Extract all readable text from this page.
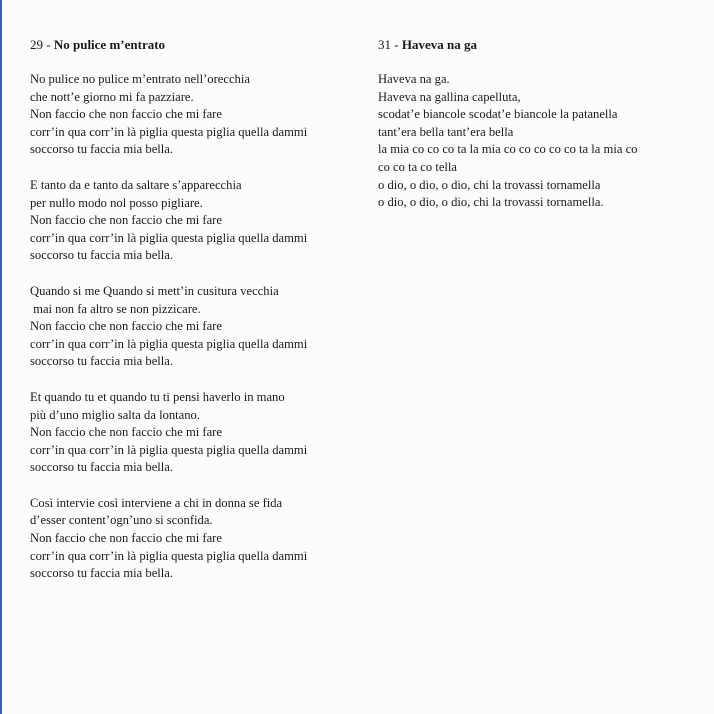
29 - No pulice m’entrato
No pulice no pulice m’entrato nell’orecchia
che nott’e giorno mi fa pazziare.
Non faccio che non faccio che mi fare
corr’in qua corr’in là piglia questa piglia quella dammi
soccorso tu faccia mia bella.
E tanto da e tanto da saltare s’apparecchia
per nullo modo nol posso pigliare.
Non faccio che non faccio che mi fare
corr’in qua corr’in là piglia questa piglia quella dammi
soccorso tu faccia mia bella.
Quando si me Quando si mett’in cusitura vecchia
mai non fa altro se non pizzicare.
Non faccio che non faccio che mi fare
corr’in qua corr’in là piglia questa piglia quella dammi
soccorso tu faccia mia bella.
Et quando tu et quando tu ti pensi haverlo in mano
più d’uno miglio salta da lontano.
Non faccio che non faccio che mi fare
corr’in qua corr’in là piglia questa piglia quella dammi
soccorso tu faccia mia bella.
Così intervie così interviene a chi in donna se fida
d’esser content’ogn’uno si sconfida.
Non faccio che non faccio che mi fare
corr’in qua corr’in là piglia questa piglia quella dammi
soccorso tu faccia mia bella.
31 - Haveva na ga
Haveva na ga.
Haveva na gallina capelluta,
scodat’e biancole scodat’e biancole la patanella
tant’era bella tant’era bella
la mia co co co ta la mia co co co co co ta la mia co
co co ta co tella
o dio, o dio, o dio, chi la trovassi tornamella
o dio, o dio, o dio, chi la trovassi tornamella.
